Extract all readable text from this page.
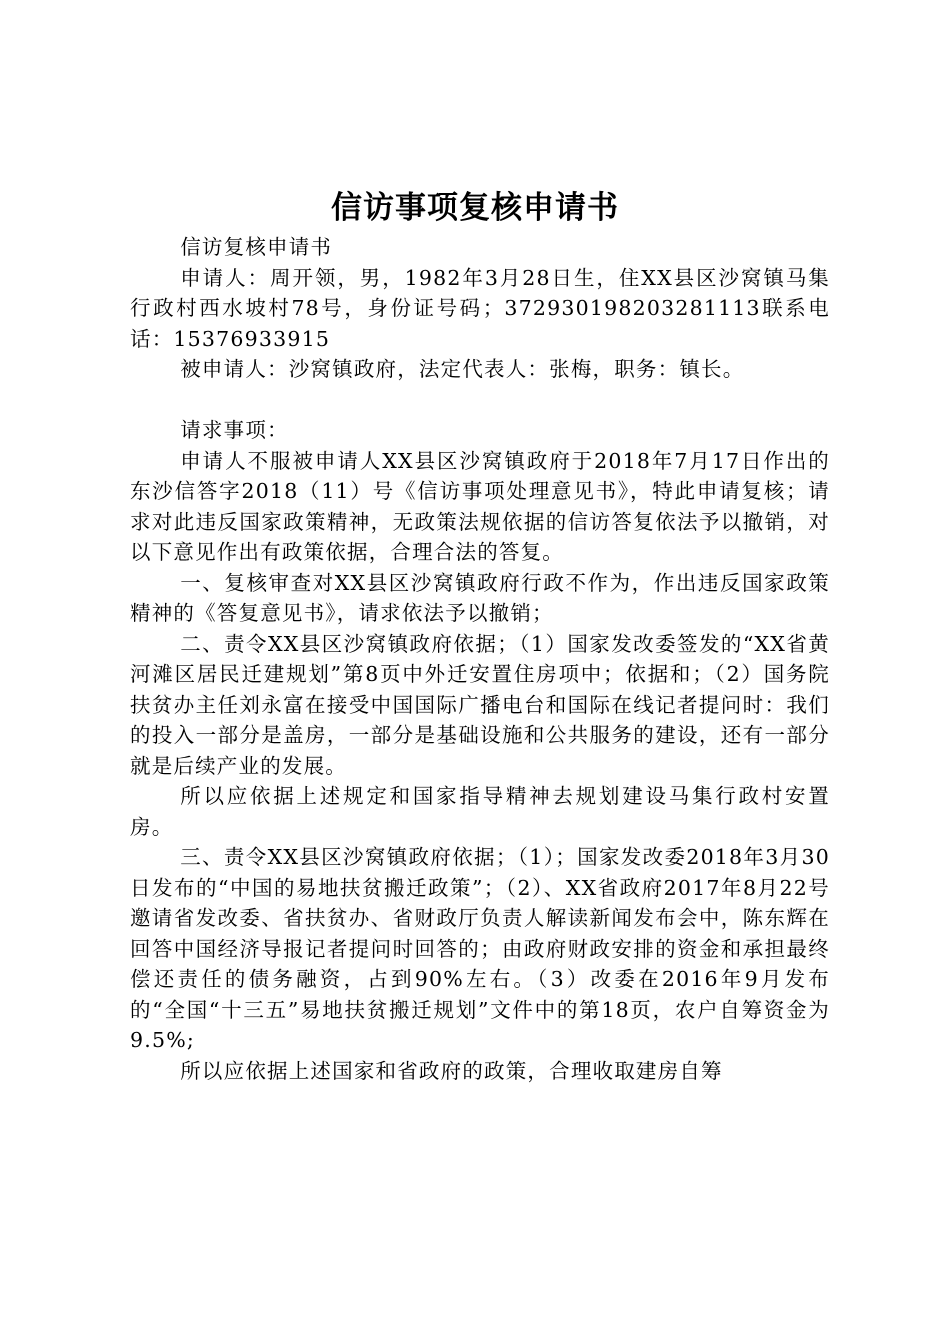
信访事项复核申请书

信访复核申请书

申请人：周开领，男，1982年3月28日生，住XX县区沙窝镇马集行政村西水坡村78号，身份证号码；372930198203281113联系电话：15376933915

被申请人：沙窝镇政府，法定代表人：张梅，职务：镇长。

请求事项：

申请人不服被申请人XX县区沙窝镇政府于2018年7月17日作出的东沙信答字2018（11）号《信访事项处理意见书》，特此申请复核；请求对此违反国家政策精神，无政策法规依据的信访答复依法予以撤销，对以下意见作出有政策依据，合理合法的答复。

一、复核审查对XX县区沙窝镇政府行政不作为，作出违反国家政策精神的《答复意见书》，请求依法予以撤销；

二、责令XX县区沙窝镇政府依据；（1）国家发改委签发的“XX省黄河滩区居民迁建规划”第8页中外迁安置住房项中；依据和；（2）国务院扶贫办主任刘永富在接受中国国际广播电台和国际在线记者提问时：我们的投入一部分是盖房，一部分是基础设施和公共服务的建设，还有一部分就是后续产业的发展。

所以应依据上述规定和国家指导精神去规划建设马集行政村安置房。

三、责令XX县区沙窝镇政府依据；（1）；国家发改委2018年3月30日发布的“中国的易地扶贫搬迁政策”；（2）、XX省政府2017年8月22号邀请省发改委、省扶贫办、省财政厅负责人解读新闻发布会中，陈东辉在回答中国经济导报记者提问时回答的；由政府财政安排的资金和承担最终偿还责任的债务融资，占到90%左右。（3）改委在2016年9月发布的“全国“十三五”易地扶贫搬迁规划”文件中的第18页，农户自筹资金为9.5%;

所以应依据上述国家和省政府的政策，合理收取建房自筹
